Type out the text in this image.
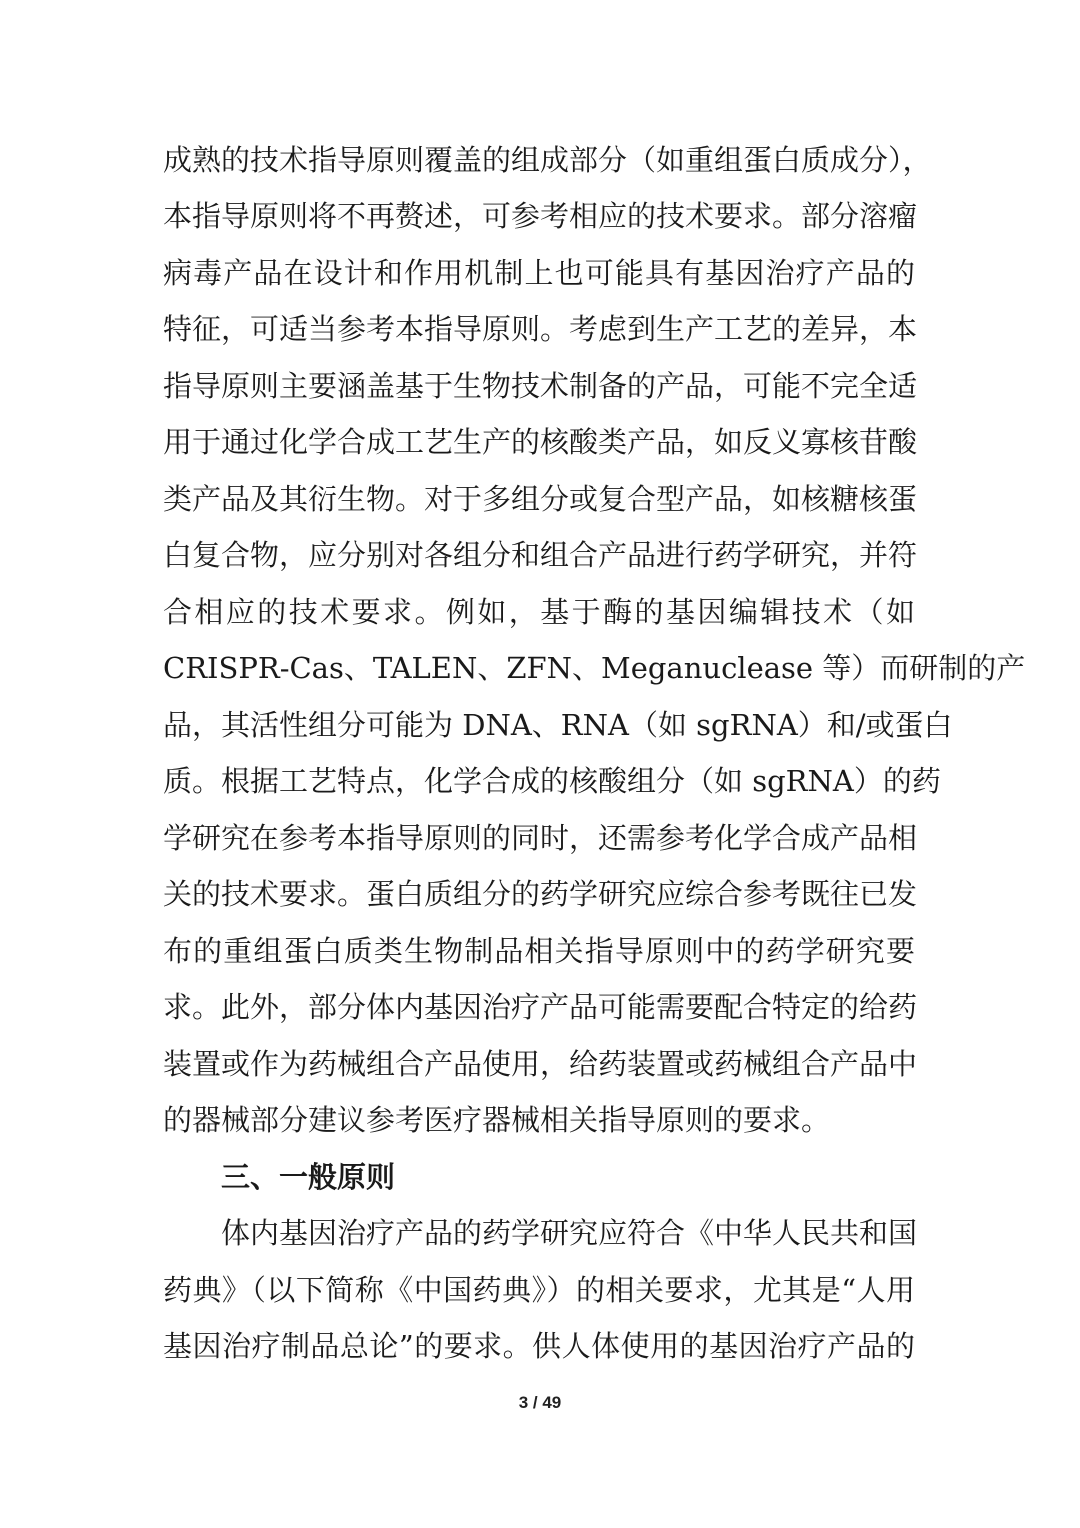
成熟的技术指导原则覆盖的组成部分（如重组蛋白质成分），
本指导原则将不再赘述，可参考相应的技术要求。部分溶瘤
病毒产品在设计和作用机制上也可能具有基因治疗产品的
特征，可适当参考本指导原则。考虑到生产工艺的差异，本
指导原则主要涵盖基于生物技术制备的产品，可能不完全适
用于通过化学合成工艺生产的核酸类产品，如反义寡核苷酸
类产品及其衍生物。对于多组分或复合型产品，如核糖核蛋
白复合物，应分别对各组分和组合产品进行药学研究，并符
合相应的技术要求。例如，基于酶的基因编辑技术（如
CRISPR-Cas、TALEN、ZFN、Meganuclease 等）而研制的产
品，其活性组分可能为 DNA、RNA（如 sgRNA）和/或蛋白
质。根据工艺特点，化学合成的核酸组分（如 sgRNA）的药
学研究在参考本指导原则的同时，还需参考化学合成产品相
关的技术要求。蛋白质组分的药学研究应综合参考既往已发
布的重组蛋白质类生物制品相关指导原则中的药学研究要
求。此外，部分体内基因治疗产品可能需要配合特定的给药
装置或作为药械组合产品使用，给药装置或药械组合产品中
的器械部分建议参考医疗器械相关指导原则的要求。
三、一般原则
体内基因治疗产品的药学研究应符合《中华人民共和国
药典》（以下简称《中国药典》）的相关要求，尤其是“人用
基因治疗制品总论”的要求。供人体使用的基因治疗产品的
3 / 49
